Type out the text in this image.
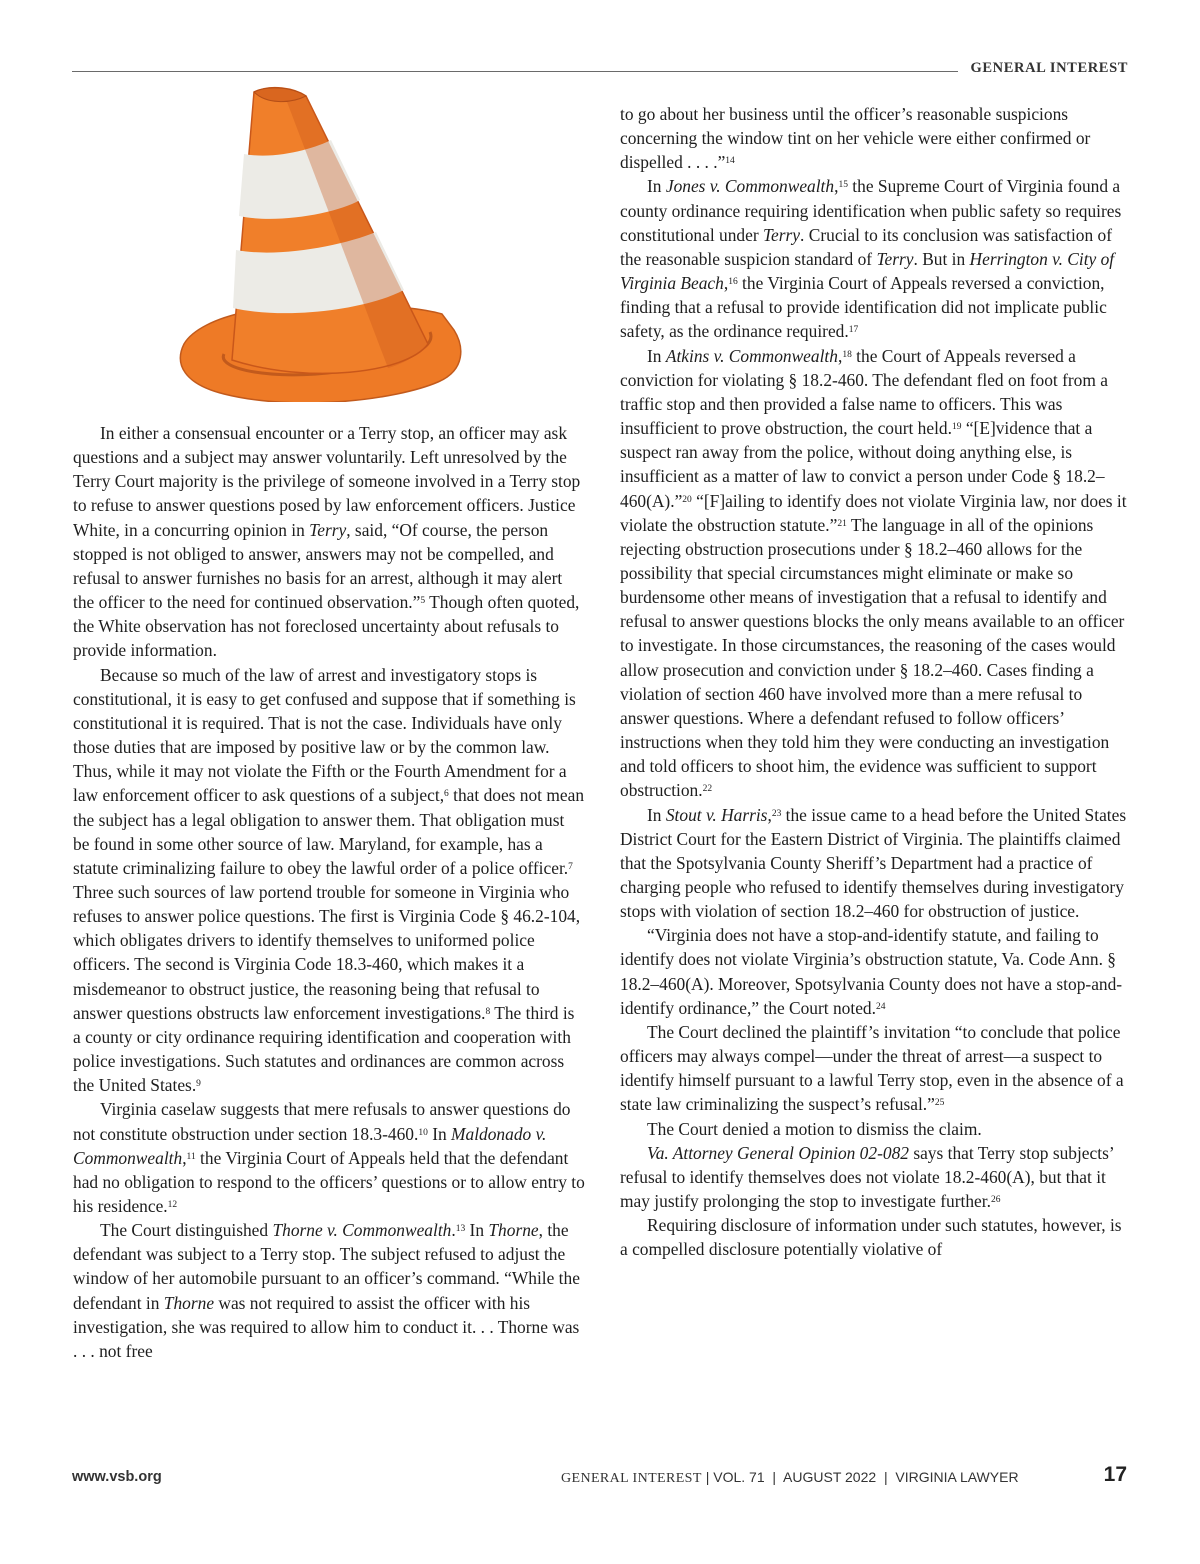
GENERAL INTEREST

In either a consensual encounter or a Terry stop, an officer may ask questions and a subject may answer voluntarily. Left unresolved by the Terry Court majority is the privilege of someone involved in a Terry stop to refuse to answer questions posed by law enforcement officers. Justice White, in a concurring opinion in Terry, said, “Of course, the person stopped is not obliged to answer, answers may not be compelled, and refusal to answer furnishes no basis for an arrest, although it may alert the officer to the need for continued observation.”$^5$ Though often quoted, the White observation has not foreclosed uncertainty about refusals to provide information.

Because so much of the law of arrest and investigatory stops is constitutional, it is easy to get confused and suppose that if something is constitutional it is required. That is not the case. Individuals have only those duties that are imposed by positive law or by the common law. Thus, while it may not violate the Fifth or the Fourth Amendment for a law enforcement officer to ask questions of a subject,$^6$ that does not mean the subject has a legal obligation to answer them. That obligation must be found in some other source of law. Maryland, for example, has a statute criminalizing failure to obey the lawful order of a police officer.$^7$ Three such sources of law portend trouble for someone in Virginia who refuses to answer police questions. The first is Virginia Code § 46.2-104, which obligates drivers to identify themselves to uniformed police officers. The second is Virginia Code 18.3-460, which makes it a misdemeanor to obstruct justice, the reasoning being that refusal to answer questions obstructs law enforcement investigations.$^8$ The third is a county or city ordinance requiring identification and cooperation with police investigations. Such statutes and ordinances are common across the United States.$^9$

Virginia caselaw suggests that mere refusals to answer questions do not constitute obstruction under section 18.3-460.10 In Maldonado v. Commonwealth,$^{11}$ the Virginia Court of Appeals held that the defendant had no obligation to respond to the officers’ questions or to allow entry to his residence.$^{12}$

The Court distinguished Thorne v. Commonwealth.$^{13}$ In Thorne, the defendant was subject to a Terry stop. The subject refused to adjust the window of her automobile pursuant to an officer’s command. “While the defendant in Thorne was not required to assist the officer with his investigation, she was required to allow him to conduct it. . . Thorne was . . . not free

to go about her business until the officer’s reasonable suspicions concerning the window tint on her vehicle were either confirmed or dispelled . . . .”$^{14}$

In Jones v. Commonwealth,$^{15}$ the Supreme Court of Virginia found a county ordinance requiring identification when public safety so requires constitutional under Terry. Crucial to its conclusion was satisfaction of the reasonable suspicion standard of Terry. But in Herrington v. City of Virginia Beach,$^{16}$ the Virginia Court of Appeals reversed a conviction, finding that a refusal to provide identification did not implicate public safety, as the ordinance required.$^{17}$

In Atkins v. Commonwealth,$^{18}$ the Court of Appeals reversed a conviction for violating § 18.2-460. The defendant fled on foot from a traffic stop and then provided a false name to officers. This was insufficient to prove obstruction, the court held.$^{19}$ “[E]vidence that a suspect ran away from the police, without doing anything else, is insufficient as a matter of law to convict a person under Code § 18.2–460(A).”$^{20}$ “[F]ailing to identify does not violate Virginia law, nor does it violate the obstruction statute.”$^{21}$ The language in all of the opinions rejecting obstruction prosecutions under § 18.2–460 allows for the possibility that special circumstances might eliminate or make so burdensome other means of investigation that a refusal to identify and refusal to answer questions blocks the only means available to an officer to investigate. In those circumstances, the reasoning of the cases would allow prosecution and conviction under § 18.2–460. Cases finding a violation of section 460 have involved more than a mere refusal to answer questions. Where a defendant refused to follow officers’ instructions when they told him they were conducting an investigation and told officers to shoot him, the evidence was sufficient to support obstruction.$^{22}$

In Stout v. Harris,$^{23}$ the issue came to a head before the United States District Court for the Eastern District of Virginia. The plaintiffs claimed that the Spotsylvania County Sheriff’s Department had a practice of charging people who refused to identify themselves during investigatory stops with violation of section 18.2–460 for obstruction of justice.

“Virginia does not have a stop-and-identify statute, and failing to identify does not violate Virginia’s obstruction statute, Va. Code Ann. § 18.2–460(A). Moreover, Spotsylvania County does not have a stop-and-identify ordinance,” the Court noted.$^{24}$

The Court declined the plaintiff’s invitation “to conclude that police officers may always compel—under the threat of arrest—a suspect to identify himself pursuant to a lawful Terry stop, even in the absence of a state law criminalizing the suspect’s refusal.”$^{25}$

The Court denied a motion to dismiss the claim.

Va. Attorney General Opinion 02-082 says that Terry stop subjects’ refusal to identify themselves does not violate 18.2-460(A), but that it may justify prolonging the stop to investigate further.$^{26}$

Requiring disclosure of information under such statutes, however, is a compelled disclosure potentially violative of

www.vsb.org	GENERAL INTEREST | VOL. 71 | AUGUST 2022 | VIRGINIA LAWYER	17
